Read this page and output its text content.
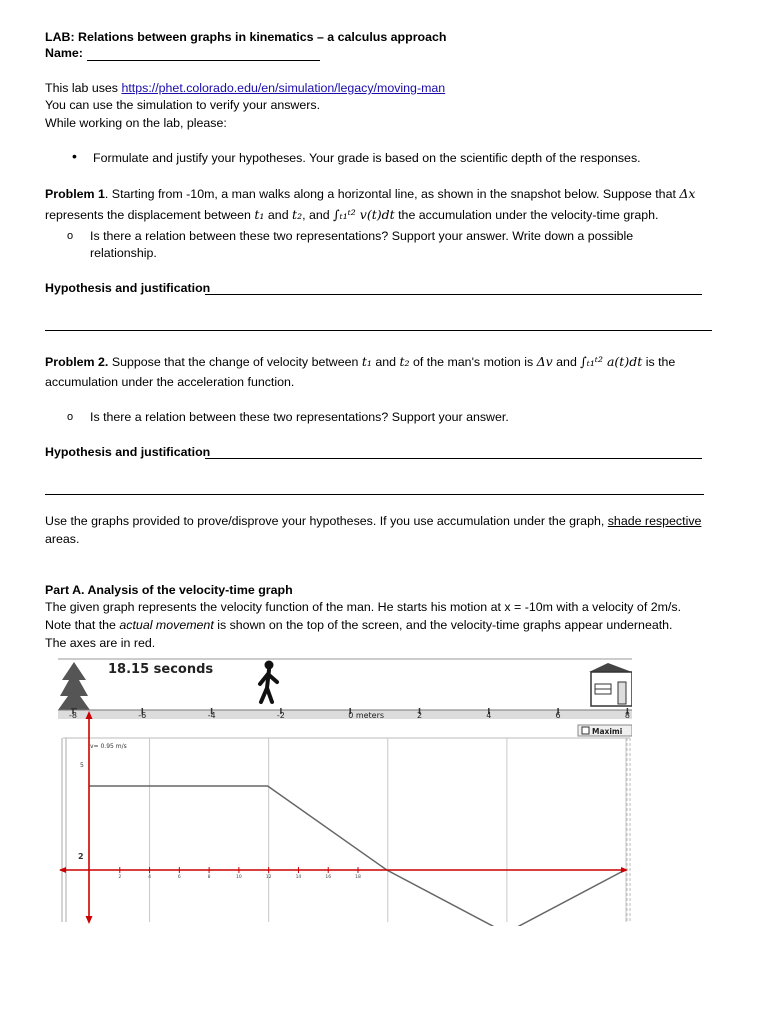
LAB: Relations between graphs in kinematics – a calculus approach
Name:
This lab uses https://phet.colorado.edu/en/simulation/legacy/moving-man
You can use the simulation to verify your answers.
While working on the lab, please:
• Formulate and justify your hypotheses. Your grade is based on the scientific depth of the responses.
Problem 1. Starting from -10m, a man walks along a horizontal line, as shown in the snapshot below. Suppose that Δx
represents the displacement between t₁ and t₂, and ∫ₜ₁ᵗ² v(t)dt the accumulation under the velocity-time graph.
o Is there a relation between these two representations? Support your answer. Write down a possible
relationship.
Hypothesis and justification
Problem 2. Suppose that the change of velocity between t₁ and t₂ of the man's motion is Δv and ∫ₜ₁ᵗ² a(t)dt is the
accumulation under the acceleration function.
o Is there a relation between these two representations? Support your answer.
Hypothesis and justification
Use the graphs provided to prove/disprove your hypotheses. If you use accumulation under the graph, shade respective
areas.
Part A. Analysis of the velocity-time graph
The given graph represents the velocity function of the man. He starts his motion at x = -10m with a velocity of 2m/s.
Note that the actual movement is shown on the top of the screen, and the velocity-time graphs appear underneath.
The axes are in red.
18.15 seconds
-8	-6	-4	-2	0 meters	2	4	6	8
Maximi
v= 0.95 m/s
5
2
2	4	6	8	10	12	14	16	18
